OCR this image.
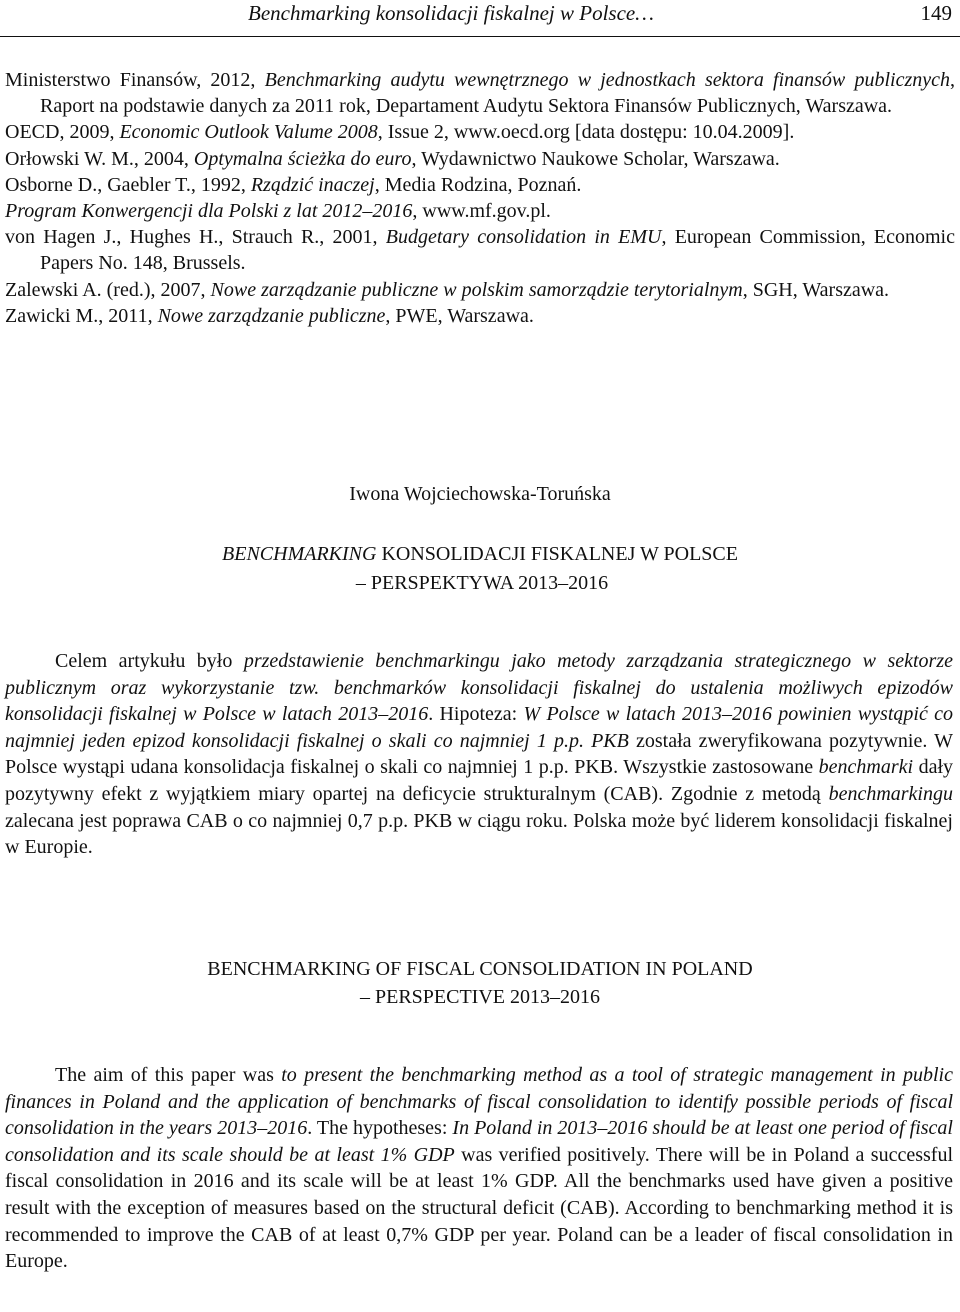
Benchmarking konsolidacji fiskalnej w Polsce…	149
Ministerstwo Finansów, 2012, Benchmarking audytu wewnętrznego w jednostkach sektora finansów publicznych, Raport na podstawie danych za 2011 rok, Departament Audytu Sektora Finansów Publicznych, Warszawa.
OECD, 2009, Economic Outlook Valume 2008, Issue 2, www.oecd.org [data dostępu: 10.04.2009].
Orłowski W. M., 2004, Optymalna ścieżka do euro, Wydawnictwo Naukowe Scholar, Warszawa.
Osborne D., Gaebler T., 1992, Rządzić inaczej, Media Rodzina, Poznań.
Program Konwergencji dla Polski z lat 2012–2016, www.mf.gov.pl.
von Hagen J., Hughes H., Strauch R., 2001, Budgetary consolidation in EMU, European Commission, Economic Papers No. 148, Brussels.
Zalewski A. (red.), 2007, Nowe zarządzanie publiczne w polskim samorządzie terytorialnym, SGH, Warszawa.
Zawicki M., 2011, Nowe zarządzanie publiczne, PWE, Warszawa.
Iwona Wojciechowska-Toruńska
BENCHMARKING KONSOLIDACJI FISKALNEJ W POLSCE
– PERSPEKTYWA 2013–2016

Celem artykułu było przedstawienie benchmarkingu jako metody zarządzania strategicznego w sektorze publicznym oraz wykorzystanie tzw. benchmarków konsolidacji fiskalnej do ustalenia możliwych epizodów konsolidacji fiskalnej w Polsce w latach 2013–2016. Hipoteza: W Polsce w latach 2013–2016 powinien wystąpić co najmniej jeden epizod konsolidacji fiskalnej o skali co najmniej 1 p.p. PKB została zweryfikowana pozytywnie. W Polsce wystąpi udana konsolidacja fiskalnej o skali co najmniej 1 p.p. PKB. Wszystkie zastosowane benchmarki dały pozytywny efekt z wyjątkiem miary opartej na deficycie strukturalnym (CAB). Zgodnie z metodą benchmarkingu zalecana jest poprawa CAB o co najmniej 0,7 p.p. PKB w ciągu roku. Polska może być liderem konsolidacji fiskalnej w Europie.

BENCHMARKING OF FISCAL CONSOLIDATION IN POLAND
– PERSPECTIVE 2013–2016

The aim of this paper was to present the benchmarking method as a tool of strategic management in public finances in Poland and the application of benchmarks of fiscal consolidation to identify possible periods of fiscal consolidation in the years 2013–2016. The hypotheses: In Poland in 2013–2016 should be at least one period of fiscal consolidation and its scale should be at least 1% GDP was verified positively. There will be in Poland a successful fiscal consolidation in 2016 and its scale will be at least 1% GDP. All the benchmarks used have given a positive result with the exception of measures based on the structural deficit (CAB). According to benchmarking method it is recommended to improve the CAB of at least 0,7% GDP per year. Poland can be a leader of fiscal consolidation in Europe.
